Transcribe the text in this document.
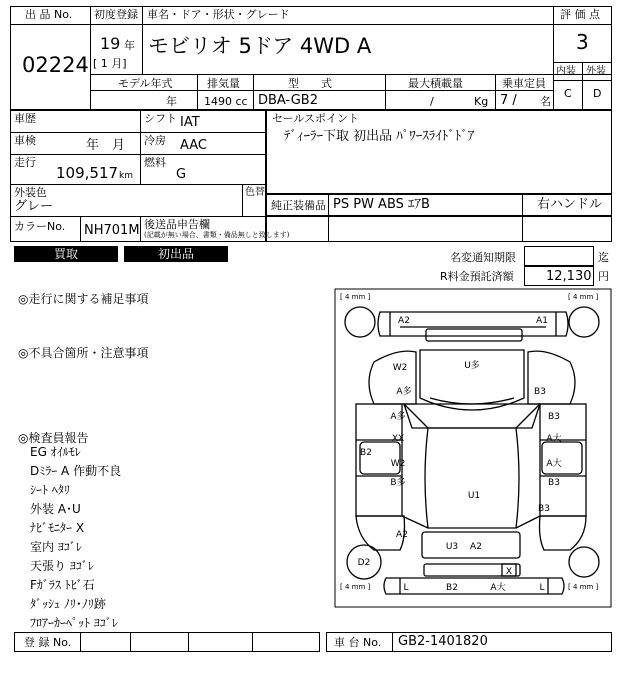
出 品 No.
02224
初度登録
19 年
[ 1 月]
車名・ドア・形状・グレード
モビリオ 5ドア 4WD A
評 価 点
3
内装 外装
C D
モデル年式
年
排気量
1490 cc
型　　式
DBA-GB2
最大積載量
/	Kg
乗車定員
7 / 名
車歴	シフト IAT
車検	年　月 冷房 AAC
走行
109,517 km
燃料
G
外装色
グレー
色替
カラーNo. NH701M 後送品申告欄
(記載が無い場合、書類・備品無しと致します)
セールスポイント
ﾃﾞｨｰﾗｰ下取 初出品 ﾊﾟﾜｰｽﾗｲﾄﾞﾄﾞｱ
純正装備品 PS PW ABS ｴｱB	右ハンドル
買取	初出品	名変通知期限	迄
R料金預託済額 12,130 円
◎走行に関する補足事項
◎不具合箇所・注意事項
◎検査員報告
EG ｵｲﾙﾓﾚ
Dﾐﾗｰ A 作動不良
ｼｰﾄ ﾍﾀﾘ
外装 A･U
ﾅﾋﾞﾓﾆﾀｰ X
室内 ﾖｺﾞﾚ
天張り ﾖｺﾞﾚ
Fｶﾞﾗｽ ﾄﾋﾞ石
ﾀﾞｯｼｭ ﾉﾘ･ﾉﾘ跡
ﾌﾛｱｰｶｰﾍﾟｯﾄ ﾖｺﾞﾚ
[ 4 mm ]	[ 4 mm ]
[ 4 mm ]	[ 4 mm ]
A2	A1
W2
A多
U多
B3
A多
XX
B3
A大
B2
W2
B多
A大
B3
U1
B3
A2
U3 A2
D2
X
L	B2	A大	L
登 録 No.	車 台 No. GB2-1401820
